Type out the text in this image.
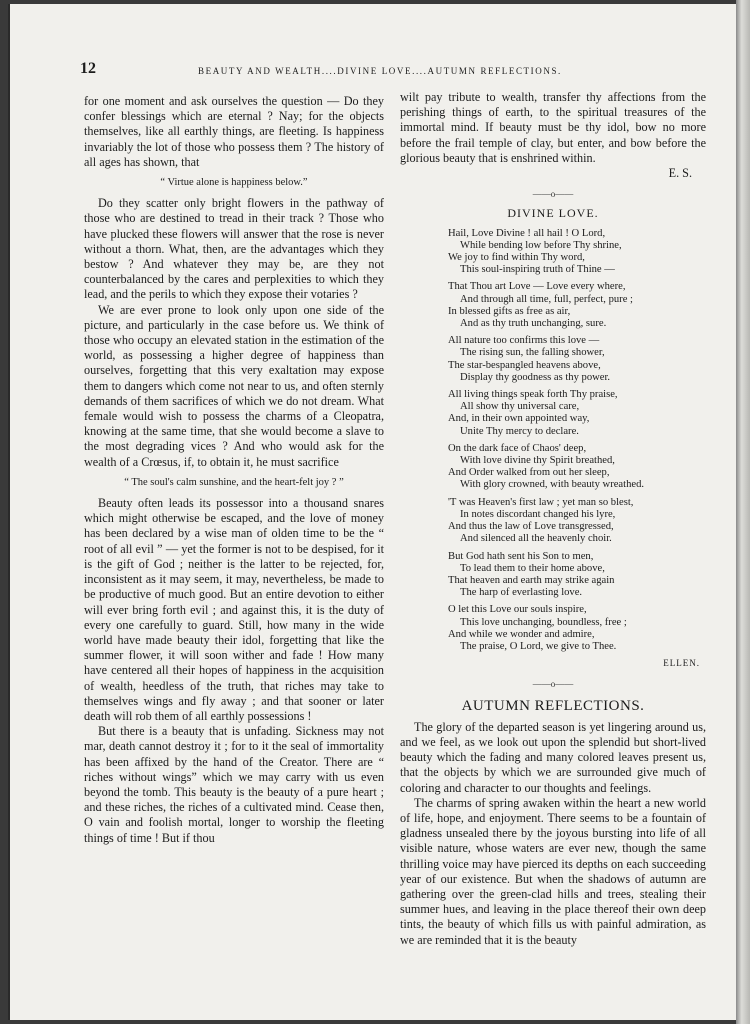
12	BEAUTY AND WEALTH....DIVINE LOVE....AUTUMN REFLECTIONS.

for one moment and ask ourselves the question — Do they confer blessings which are eternal ? Nay; for the objects themselves, like all earthly things, are fleeting. Is happiness invariably the lot of those who possess them ? The history of all ages has shown, that

“ Virtue alone is happiness below.”

Do they scatter only bright flowers in the pathway of those who are destined to tread in their track ? Those who have plucked these flowers will answer that the rose is never without a thorn. What, then, are the advantages which they bestow ? And whatever they may be, are they not counterbalanced by the cares and perplexities to which they lead, and the perils to which they expose their votaries ?

We are ever prone to look only upon one side of the picture, and particularly in the case before us. We think of those who occupy an elevated station in the estimation of the world, as possessing a higher degree of happiness than ourselves, forgetting that this very exaltation may expose them to dangers which come not near to us, and often sternly demands of them sacrifices of which we do not dream. What female would wish to possess the charms of a Cleopatra, knowing at the same time, that she would become a slave to the most degrading vices ? And who would ask for the wealth of a Crœsus, if, to obtain it, he must sacrifice

“ The soul's calm sunshine, and the heart-felt joy ? ”

Beauty often leads its possessor into a thousand snares which might otherwise be escaped, and the love of money has been declared by a wise man of olden time to be the “ root of all evil ” — yet the former is not to be despised, for it is the gift of God ; neither is the latter to be rejected, for, inconsistent as it may seem, it may, nevertheless, be made to be productive of much good. But an entire devotion to either will ever bring forth evil ; and against this, it is the duty of every one carefully to guard. Still, how many in the wide world have made beauty their idol, forgetting that like the summer flower, it will soon wither and fade ! How many have centered all their hopes of happiness in the acquisition of wealth, heedless of the truth, that riches may take to themselves wings and fly away ; and that sooner or later death will rob them of all earthly possessions !

But there is a beauty that is unfading. Sickness may not mar, death cannot destroy it ; for to it the seal of immortality has been affixed by the hand of the Creator. There are “ riches without wings” which we may carry with us even beyond the tomb. This beauty is the beauty of a pure heart ; and these riches, the riches of a cultivated mind. Cease then, O vain and foolish mortal, longer to worship the fleeting things of time ! But if thou

wilt pay tribute to wealth, transfer thy affections from the perishing things of earth, to the spiritual treasures of the immortal mind. If beauty must be thy idol, bow no more before the frail temple of clay, but enter, and bow before the glorious beauty that is enshrined within.

E. S.
——o——
DIVINE LOVE.
Hail, Love Divine ! all hail ! O Lord,
While bending low before Thy shrine,
We joy to find within Thy word,
This soul-inspiring truth of Thine —
That Thou art Love — Love every where,
And through all time, full, perfect, pure ;
In blessed gifts as free as air,
And as thy truth unchanging, sure.
All nature too confirms this love —
The rising sun, the falling shower,
The star-bespangled heavens above,
Display thy goodness as thy power.
All living things speak forth Thy praise,
All show thy universal care,
And, in their own appointed way,
Unite Thy mercy to declare.
On the dark face of Chaos' deep,
With love divine thy Spirit breathed,
And Order walked from out her sleep,
With glory crowned, with beauty wreathed.
'T was Heaven's first law ; yet man so blest,
In notes discordant changed his lyre,
And thus the law of Love transgressed,
And silenced all the heavenly choir.
But God hath sent his Son to men,
To lead them to their home above,
That heaven and earth may strike again
The harp of everlasting love.
O let this Love our souls inspire,
This love unchanging, boundless, free ;
And while we wonder and admire,
The praise, O Lord, we give to Thee.
ELLEN.
——o——
AUTUMN REFLECTIONS.

The glory of the departed season is yet lingering around us, and we feel, as we look out upon the splendid but short-lived beauty which the fading and many colored leaves present us, that the objects by which we are surrounded give much of coloring and character to our thoughts and feelings.

The charms of spring awaken within the heart a new world of life, hope, and enjoyment. There seems to be a fountain of gladness unsealed there by the joyous bursting into life of all visible nature, whose waters are ever new, though the same thrilling voice may have pierced its depths on each succeeding year of our existence. But when the shadows of autumn are gathering over the green-clad hills and trees, stealing their summer hues, and leaving in the place thereof their own deep tints, the beauty of which fills us with painful admiration, as we are reminded that it is the beauty
